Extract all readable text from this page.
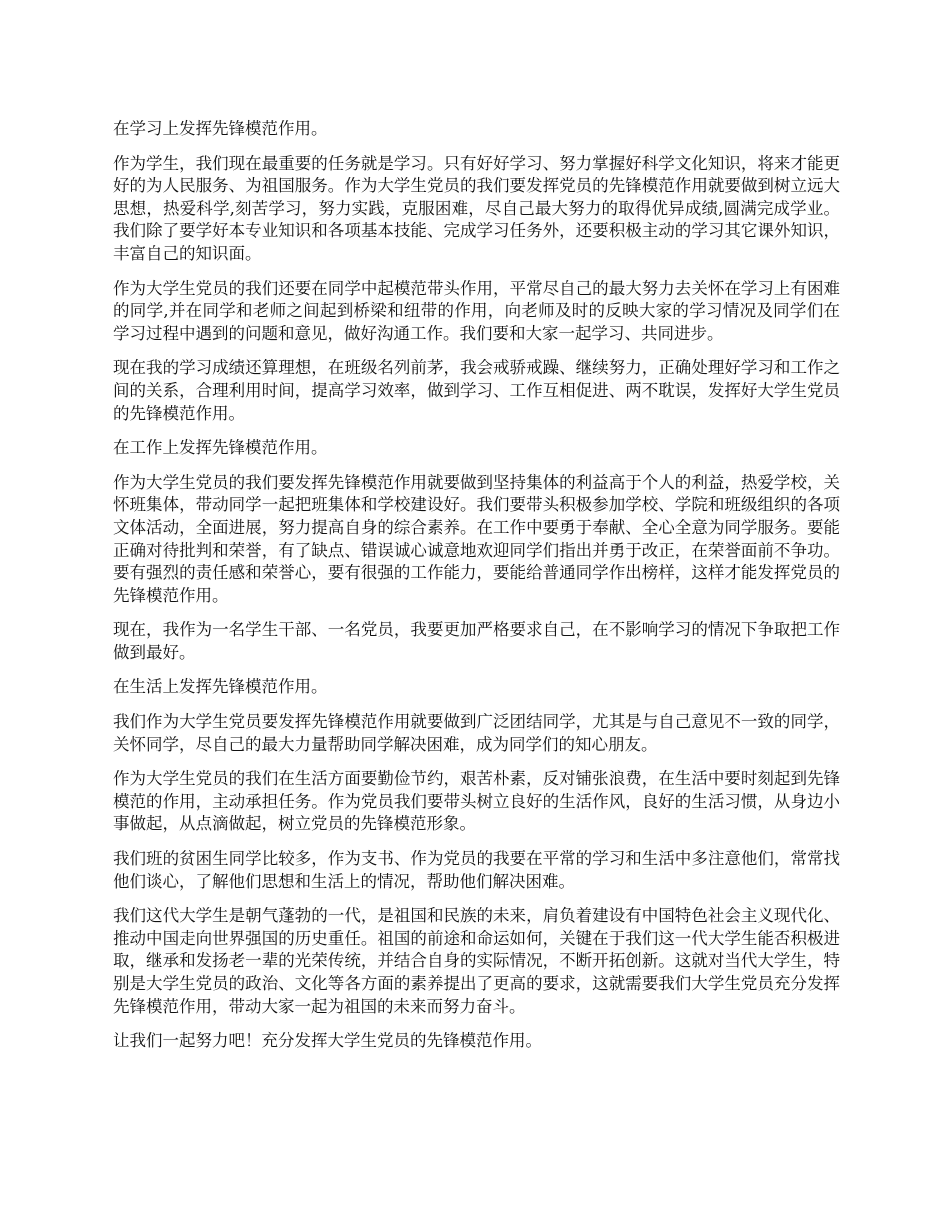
在学习上发挥先锋模范作用。

作为学生，我们现在最重要的任务就是学习。只有好好学习、努力掌握好科学文化知识，将来才能更好的为人民服务、为祖国服务。作为大学生党员的我们要发挥党员的先锋模范作用就要做到树立远大思想，热爱科学,刻苦学习，努力实践，克服困难，尽自己最大努力的取得优异成绩,圆满完成学业。我们除了要学好本专业知识和各项基本技能、完成学习任务外，还要积极主动的学习其它课外知识，丰富自己的知识面。

作为大学生党员的我们还要在同学中起模范带头作用，平常尽自己的最大努力去关怀在学习上有困难的同学,并在同学和老师之间起到桥梁和纽带的作用，向老师及时的反映大家的学习情况及同学们在学习过程中遇到的问题和意见，做好沟通工作。我们要和大家一起学习、共同进步。

现在我的学习成绩还算理想，在班级名列前茅，我会戒骄戒躁、继续努力，正确处理好学习和工作之间的关系，合理利用时间，提高学习效率，做到学习、工作互相促进、两不耽误，发挥好大学生党员的先锋模范作用。

在工作上发挥先锋模范作用。

作为大学生党员的我们要发挥先锋模范作用就要做到坚持集体的利益高于个人的利益，热爱学校，关怀班集体，带动同学一起把班集体和学校建设好。我们要带头积极参加学校、学院和班级组织的各项文体活动，全面进展，努力提高自身的综合素养。在工作中要勇于奉献、全心全意为同学服务。要能正确对待批判和荣誉，有了缺点、错误诚心诚意地欢迎同学们指出并勇于改正，在荣誉面前不争功。要有强烈的责任感和荣誉心，要有很强的工作能力，要能给普通同学作出榜样，这样才能发挥党员的先锋模范作用。

现在，我作为一名学生干部、一名党员，我要更加严格要求自己，在不影响学习的情况下争取把工作做到最好。

在生活上发挥先锋模范作用。

我们作为大学生党员要发挥先锋模范作用就要做到广泛团结同学，尤其是与自己意见不一致的同学，关怀同学，尽自己的最大力量帮助同学解决困难，成为同学们的知心朋友。

作为大学生党员的我们在生活方面要勤俭节约，艰苦朴素，反对铺张浪费，在生活中要时刻起到先锋模范的作用，主动承担任务。作为党员我们要带头树立良好的生活作风，良好的生活习惯，从身边小事做起，从点滴做起，树立党员的先锋模范形象。

我们班的贫困生同学比较多，作为支书、作为党员的我要在平常的学习和生活中多注意他们，常常找他们谈心，了解他们思想和生活上的情况，帮助他们解决困难。

我们这代大学生是朝气蓬勃的一代，是祖国和民族的未来，肩负着建设有中国特色社会主义现代化、推动中国走向世界强国的历史重任。祖国的前途和命运如何，关键在于我们这一代大学生能否积极进取，继承和发扬老一辈的光荣传统，并结合自身的实际情况，不断开拓创新。这就对当代大学生，特别是大学生党员的政治、文化等各方面的素养提出了更高的要求，这就需要我们大学生党员充分发挥先锋模范作用，带动大家一起为祖国的未来而努力奋斗。

让我们一起努力吧！充分发挥大学生党员的先锋模范作用。
